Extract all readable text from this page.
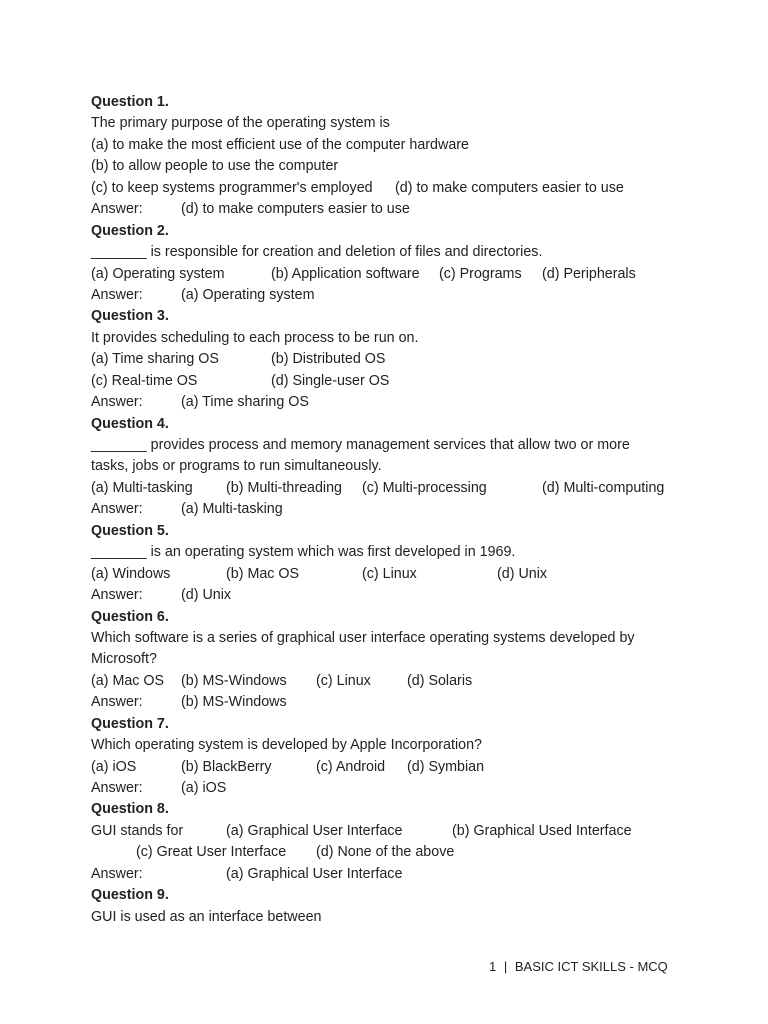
Question 1.
The primary purpose of the operating system is
(a) to make the most efficient use of the computer hardware
(b) to allow people to use the computer
(c) to keep systems programmer's employed (d) to make computers easier to use
Answer:	(d) to make computers easier to use
Question 2.
_______ is responsible for creation and deletion of files and directories.
(a) Operating system	(b) Application software (c) Programs (d) Peripherals
Answer:	(a) Operating system
Question 3.
It provides scheduling to each process to be run on.
(a) Time sharing OS	(b) Distributed OS
(c) Real-time OS	(d) Single-user OS
Answer:	(a) Time sharing OS
Question 4.
_______ provides process and memory management services that allow two or more
tasks, jobs or programs to run simultaneously.
(a) Multi-tasking (b) Multi-threading (c) Multi-processing	(d) Multi-computing
Answer:	(a) Multi-tasking
Question 5.
_______ is an operating system which was first developed in 1969.
(a) Windows	(b) Mac OS	(c) Linux	(d) Unix
Answer:	(d) Unix
Question 6.
Which software is a series of graphical user interface operating systems developed by
Microsoft?
(a) Mac OS (b) MS-Windows (c) Linux	(d) Solaris
Answer:	(b) MS-Windows
Question 7.
Which operating system is developed by Apple Incorporation?
(a) iOS	(b) BlackBerry	(c) Android (d) Symbian
Answer:	(a) iOS
Question 8.
GUI stands for	(a) Graphical User Interface	(b) Graphical Used Interface
(c) Great User Interface (d) None of the above
Answer:	(a) Graphical User Interface
Question 9.
GUI is used as an interface between
1 | BASIC ICT SKILLS - MCQ
